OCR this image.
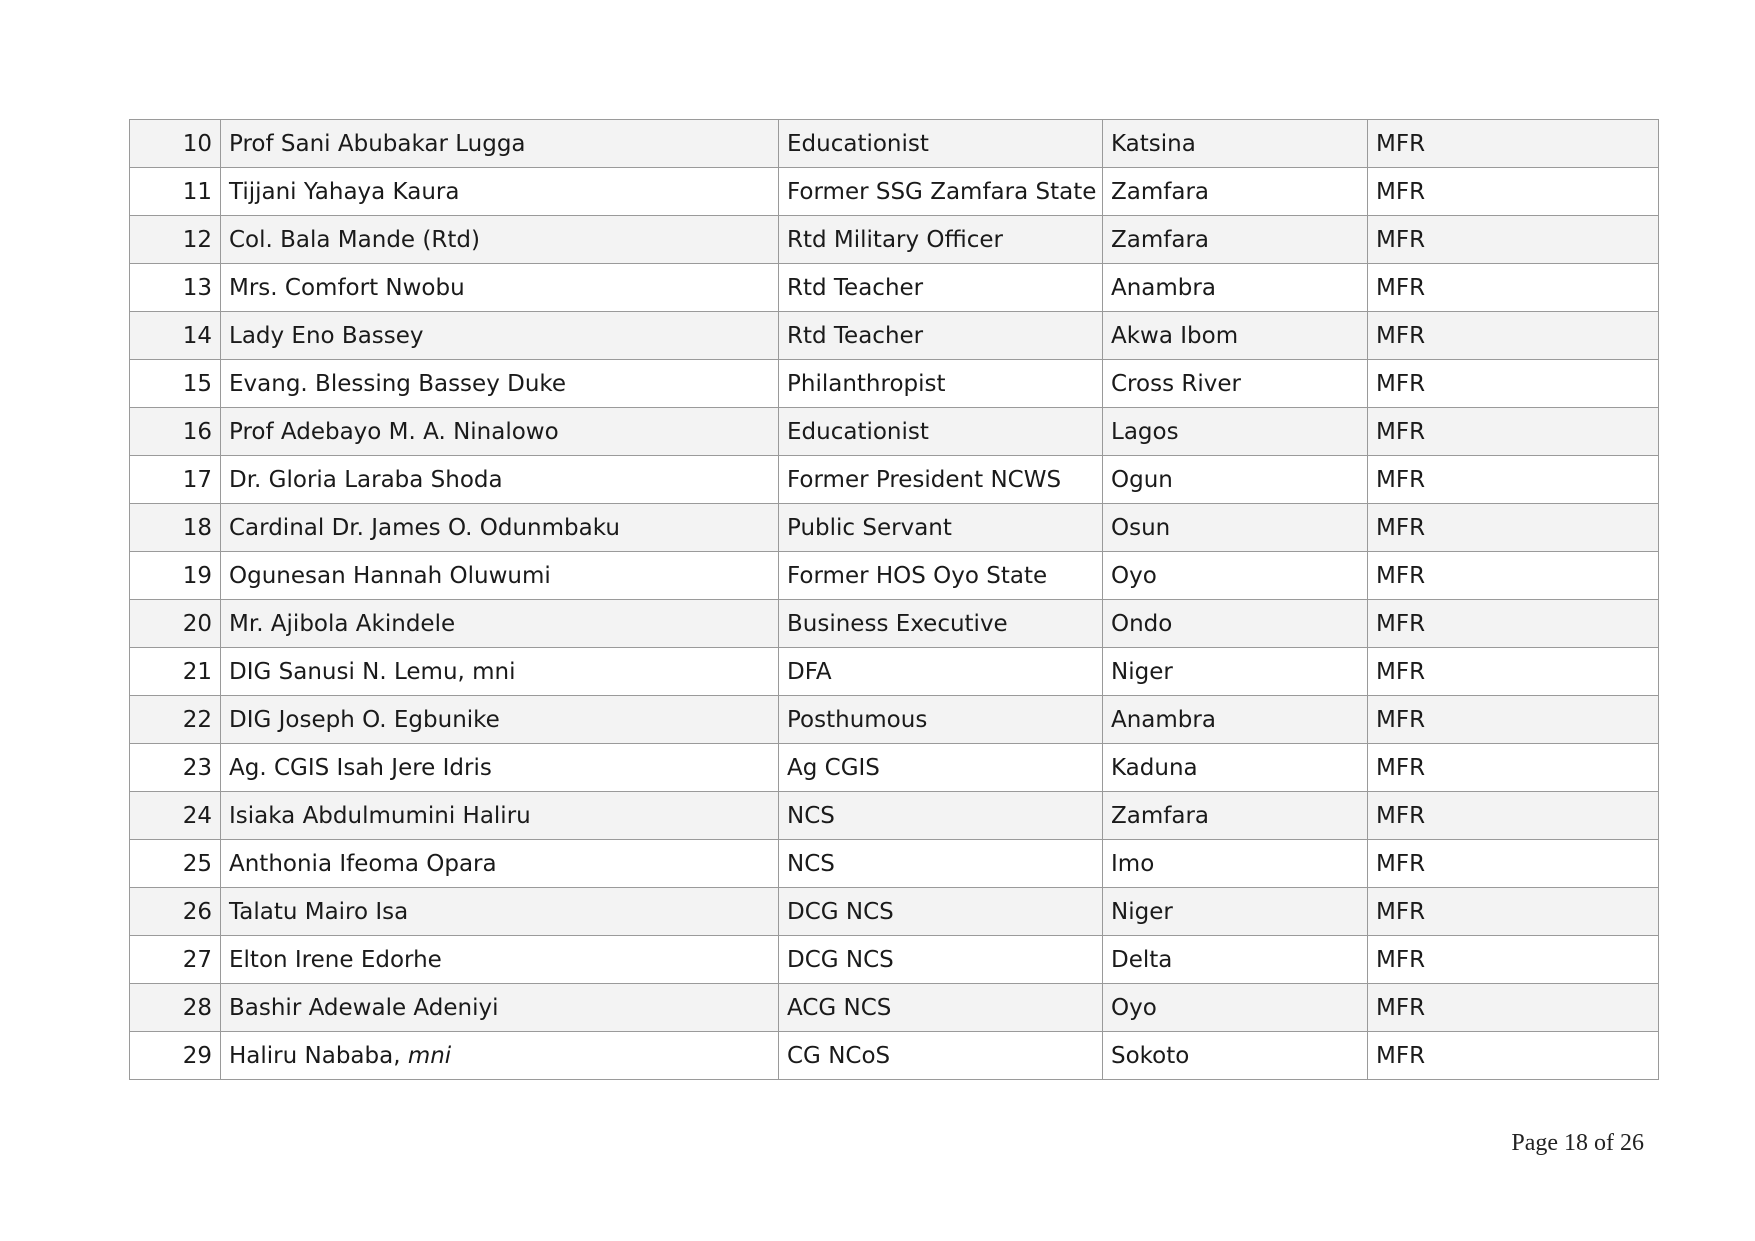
10	Prof Sani Abubakar Lugga	Educationist	Katsina	MFR
11	Tijjani Yahaya Kaura	Former SSG Zamfara State	Zamfara	MFR
12	Col. Bala Mande (Rtd)	Rtd Military Officer	Zamfara	MFR
13	Mrs. Comfort Nwobu	Rtd Teacher	Anambra	MFR
14	Lady Eno Bassey	Rtd Teacher	Akwa Ibom	MFR
15	Evang. Blessing Bassey Duke	Philanthropist	Cross River	MFR
16	Prof Adebayo M. A. Ninalowo	Educationist	Lagos	MFR
17	Dr. Gloria Laraba Shoda	Former President NCWS	Ogun	MFR
18	Cardinal Dr. James O. Odunmbaku	Public Servant	Osun	MFR
19	Ogunesan Hannah Oluwumi	Former HOS Oyo State	Oyo	MFR
20	Mr. Ajibola Akindele	Business Executive	Ondo	MFR
21	DIG Sanusi N. Lemu, mni	DFA	Niger	MFR
22	DIG Joseph O. Egbunike	Posthumous	Anambra	MFR
23	Ag. CGIS Isah Jere Idris	Ag CGIS	Kaduna	MFR
24	Isiaka Abdulmumini Haliru	NCS	Zamfara	MFR
25	Anthonia Ifeoma Opara	NCS	Imo	MFR
26	Talatu Mairo Isa	DCG NCS	Niger	MFR
27	Elton Irene Edorhe	DCG NCS	Delta	MFR
28	Bashir Adewale Adeniyi	ACG NCS	Oyo	MFR
29	Haliru Nababa, mni	CG NCoS	Sokoto	MFR
Page 18 of 26
